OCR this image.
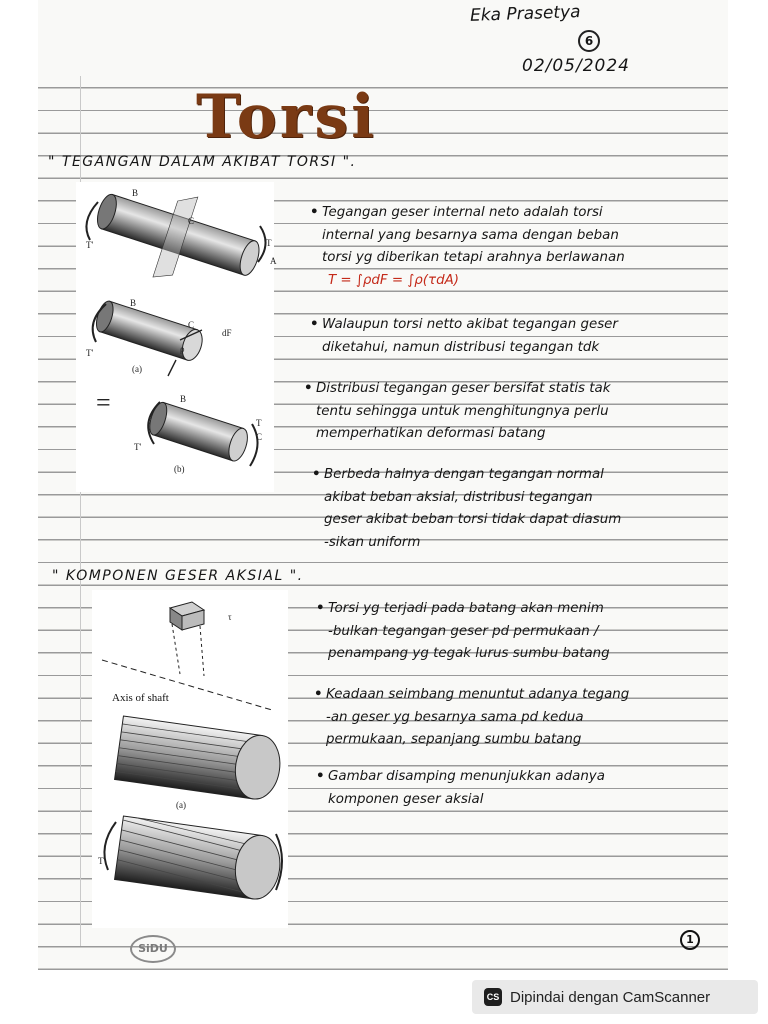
Eka Prasetya
6
02/05/2024
Torsi
" TEGANGAN DALAM AKIBAT TORSI ".
B
C
T'	T
A
B
C
dF
T'	ρ
(a)
=	B
T
C
T'
(b)
• Tegangan geser internal neto adalah torsi
internal yang besarnya sama dengan beban
torsi yg diberikan tetapi arahnya berlawanan
T = ∫ρdF = ∫ρ(τdA)
• Walaupun torsi netto akibat tegangan geser
diketahui, namun distribusi tegangan tdk
• Distribusi tegangan geser bersifat statis tak
tentu sehingga untuk menghitungnya perlu
memperhatikan deformasi batang
• Berbeda halnya dengan tegangan normal
akibat beban aksial, distribusi tegangan
geser akibat beban torsi tidak dapat diasum
-sikan uniform
" KOMPONEN GESER AKSIAL ".
τ
Axis of shaft
(a)
T'
• Torsi yg terjadi pada batang akan menim
-bulkan tegangan geser pd permukaan /
penampang yg tegak lurus sumbu batang
• Keadaan seimbang menuntut adanya tegang
-an geser yg besarnya sama pd kedua
permukaan, sepanjang sumbu batang
• Gambar disamping menunjukkan adanya
komponen geser aksial
SiDU
1
CS Dipindai dengan CamScanner
